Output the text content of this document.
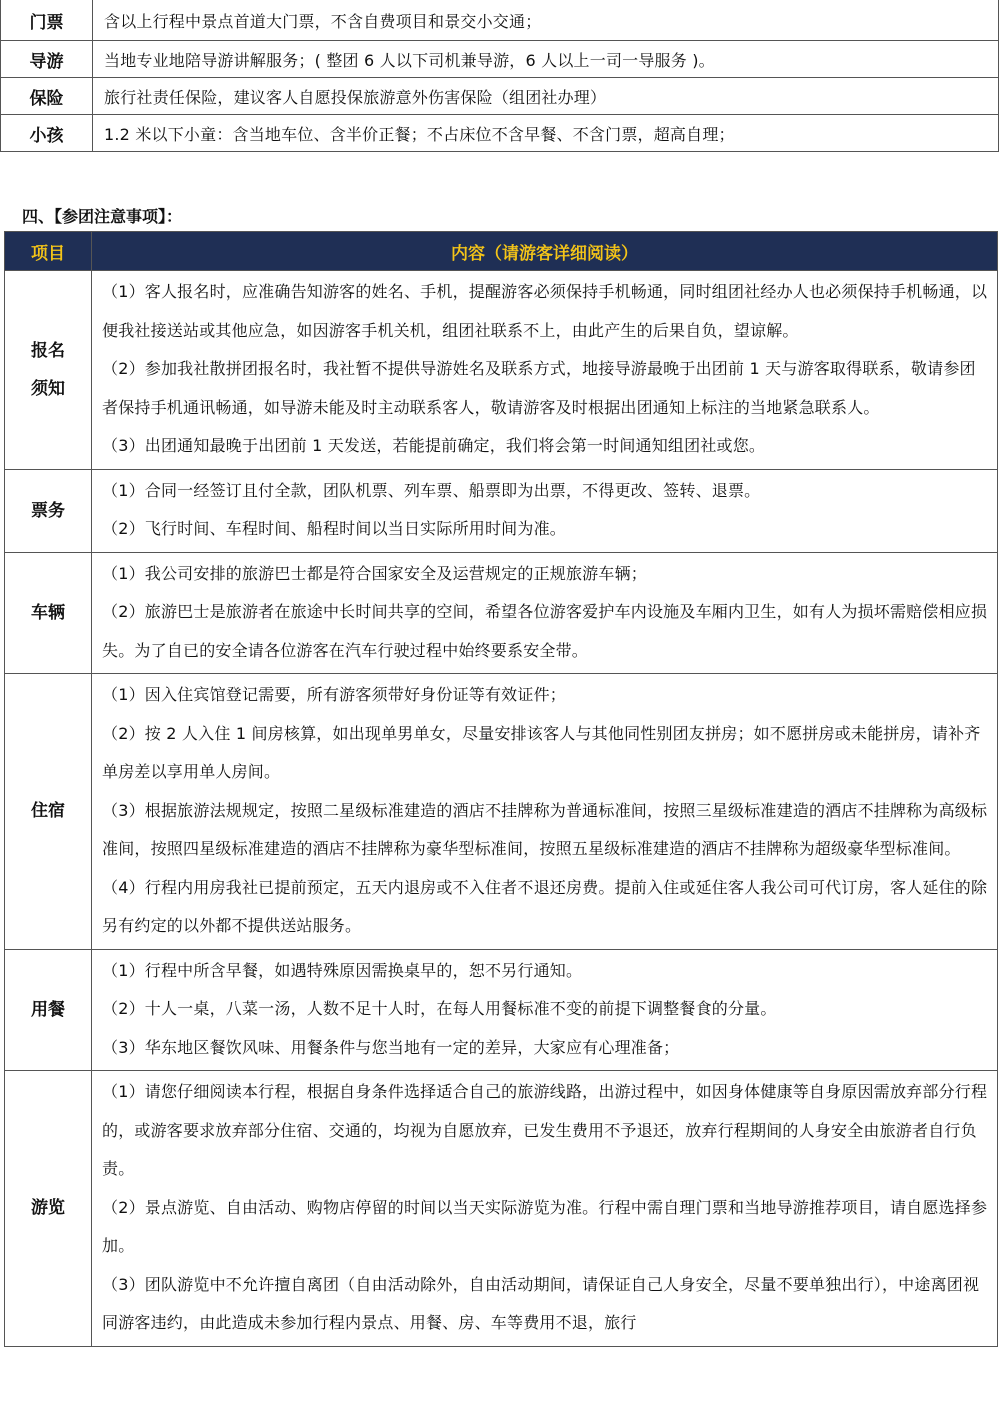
门票	含以上行程中景点首道大门票，不含自费项目和景交小交通；
导游	当地专业地陪导游讲解服务；( 整团 6 人以下司机兼导游，6 人以上一司一导服务 )。
保险	旅行社责任保险，建议客人自愿投保旅游意外伤害保险（组团社办理）
小孩	1.2 米以下小童：含当地车位、含半价正餐；不占床位不含早餐、不含门票，超高自理；
四、【参团注意事项】：
项目	内容（请游客详细阅读）

报名
须知	（1）客人报名时，应准确告知游客的姓名、手机，提醒游客必须保持手机畅通，同时组团社经办人也必须保持手机畅通，以便我社接送站或其他应急，如因游客手机关机，组团社联系不上，由此产生的后果自负，望谅解。
（2）参加我社散拼团报名时，我社暂不提供导游姓名及联系方式，地接导游最晚于出团前 1 天与游客取得联系，敬请参团者保持手机通讯畅通，如导游未能及时主动联系客人，敬请游客及时根据出团通知上标注的当地紧急联系人。
（3）出团通知最晚于出团前 1 天发送，若能提前确定，我们将会第一时间通知组团社或您。

票务	（1）合同一经签订且付全款，团队机票、列车票、船票即为出票，不得更改、签转、退票。
（2）飞行时间、车程时间、船程时间以当日实际所用时间为准。

车辆	（1）我公司安排的旅游巴士都是符合国家安全及运营规定的正规旅游车辆；
（2）旅游巴士是旅游者在旅途中长时间共享的空间，希望各位游客爱护车内设施及车厢内卫生，如有人为损坏需赔偿相应损失。为了自已的安全请各位游客在汽车行驶过程中始终要系安全带。

住宿	（1）因入住宾馆登记需要，所有游客须带好身份证等有效证件；
（2）按 2 人入住 1 间房核算，如出现单男单女，尽量安排该客人与其他同性别团友拼房；如不愿拼房或未能拼房，请补齐单房差以享用单人房间。
（3）根据旅游法规规定，按照二星级标准建造的酒店不挂牌称为普通标准间，按照三星级标准建造的酒店不挂牌称为高级标准间，按照四星级标准建造的酒店不挂牌称为豪华型标准间，按照五星级标准建造的酒店不挂牌称为超级豪华型标准间。
（4）行程内用房我社已提前预定，五天内退房或不入住者不退还房费。提前入住或延住客人我公司可代订房，客人延住的除另有约定的以外都不提供送站服务。

用餐	（1）行程中所含早餐，如遇特殊原因需换桌早的，恕不另行通知。
（2）十人一桌，八菜一汤，人数不足十人时，在每人用餐标准不变的前提下调整餐食的分量。
（3）华东地区餐饮风味、用餐条件与您当地有一定的差异，大家应有心理准备；

游览	（1）请您仔细阅读本行程，根据自身条件选择适合自己的旅游线路，出游过程中，如因身体健康等自身原因需放弃部分行程的，或游客要求放弃部分住宿、交通的，均视为自愿放弃，已发生费用不予退还，放弃行程期间的人身安全由旅游者自行负责。
（2）景点游览、自由活动、购物店停留的时间以当天实际游览为准。行程中需自理门票和当地导游推荐项目，请自愿选择参加。
（3）团队游览中不允许擅自离团（自由活动除外，自由活动期间，请保证自己人身安全，尽量不要单独出行），中途离团视同游客违约，由此造成未参加行程内景点、用餐、房、车等费用不退，旅行
